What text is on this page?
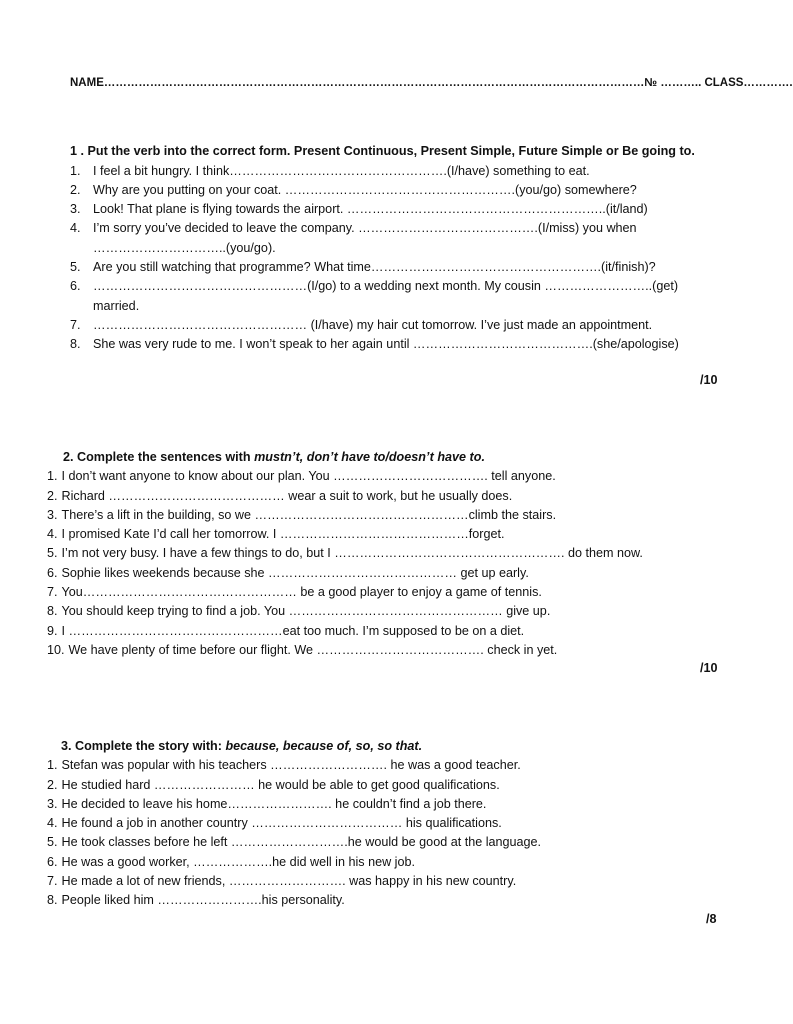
NAME……………………………………………………………………………………………………………………………№ ……….. CLASS………….
1 . Put the verb into the correct form. Present Continuous, Present Simple, Future Simple or Be going to.
1. I feel a bit hungry. I think…………………………………………….(I/have) something to eat.
2. Why are you putting on your coat. ……………………………………………….(you/go) somewhere?
3. Look! That plane is flying towards the airport. ……………………………………………………..(it/land)
4. I’m sorry you’ve decided to leave the company. …………………………………….(I/miss) you when …………………………..(you/go).
5. Are you still watching that programme? What time……………………………………………….(it/finish)?
6. ……………………………………………(I/go) to a wedding next month. My cousin ……………………..(get) married.
7. …………………………………………… (I/have) my hair cut tomorrow. I’ve just made an appointment.
8. She was very rude to me. I won’t speak to her again until …………………………………….(she/apologise)
/10
2. Complete the sentences with mustn’t, don’t have to/doesn’t have to.
1. I don’t want anyone to know about our plan. You ………………………………. tell anyone.
2. Richard …………………………………… wear a suit to work, but he usually does.
3. There’s a lift in the building, so we ……………………………………………climb the stairs.
4. I promised Kate I’d call her tomorrow. I ………………………………………forget.
5. I’m not very busy. I have a few things to do, but I ………………………………………………. do them now.
6. Sophie likes weekends because she ……………………………………… get up early.
7. You…………………………………………… be a good player to enjoy a game of tennis.
8. You should keep trying to find a job. You …………………………………………… give up.
9. I ……………………………………………eat too much. I’m supposed to be on a diet.
10. We have plenty of time before our flight. We …………………………………. check in yet.
/10
3. Complete the story with: because, because of, so, so that.
1. Stefan was popular with his teachers ………………………. he was a good teacher.
2. He studied hard …………………… he would be able to get good qualifications.
3. He decided to leave his home……………………. he couldn’t find a job there.
4. He found a job in another country ……………………………… his qualifications.
5. He took classes before he left ……………………….he would be good at the language.
6. He was a good worker, ……………….he did well in his new job.
7. He made a lot of new friends, ………………………. was happy in his new country.
8. People liked him …………………….his personality.
/8
